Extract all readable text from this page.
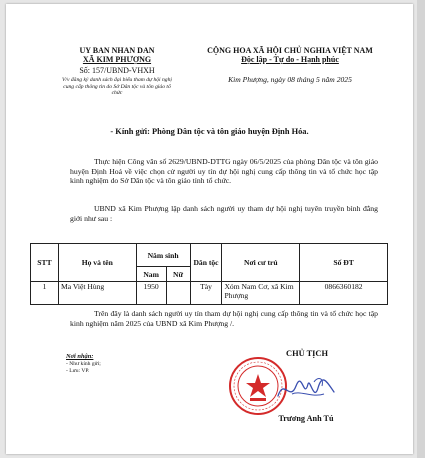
UY BAN NHAN DAN
XÃ KIM PHƯỢNG
Số: 157/UBND-VHXH
V/v đăng ký danh sách đại biểu tham dự hội nghị cung cấp thông tin do Sở Dân tộc và tôn giáo tổ chức
CỘNG HOA XÃ HỘI CHỦ NGHIA VIỆT NAM
Độc lập - Tự do - Hạnh phúc
Kim Phượng, ngày 08 tháng 5 năm 2025
- Kính gửi: Phòng Dân tộc và tôn giáo huyện Định Hóa.
Thực hiện Công văn số 2629/UBND-DTTG ngày 06/5/2025 của phòng Dân tộc và tôn giáo huyện Định Hoá về việc chọn cử người uy tín dự hội nghị cung cấp thông tin và tổ chức học tập kinh nghiệm do Sở Dân tộc và tôn giáo tỉnh tổ chức.
UBND xã Kim Phượng lập danh sách người uy tham dự hội nghị tuyên truyền bình đẳng giới như sau :
STT	Họ và tên	Năm sinh		Dân tộc	Nơi cư trú	Số ĐT
		Nam	Nữ			
1	Ma Việt Hùng	1950		Tày	Xóm Nam Cơ, xã Kim Phượng	0866360182
Trên đây là danh sách người uy tín tham dự hội nghị cung cấp thông tin và tổ chức học tập kinh nghiệm năm 2025 của UBND xã Kim Phượng /.
Nơi nhận:
- Như kính gửi;
- Lưu: VP.
CHỦ TỊCH
Trương Anh Tú
